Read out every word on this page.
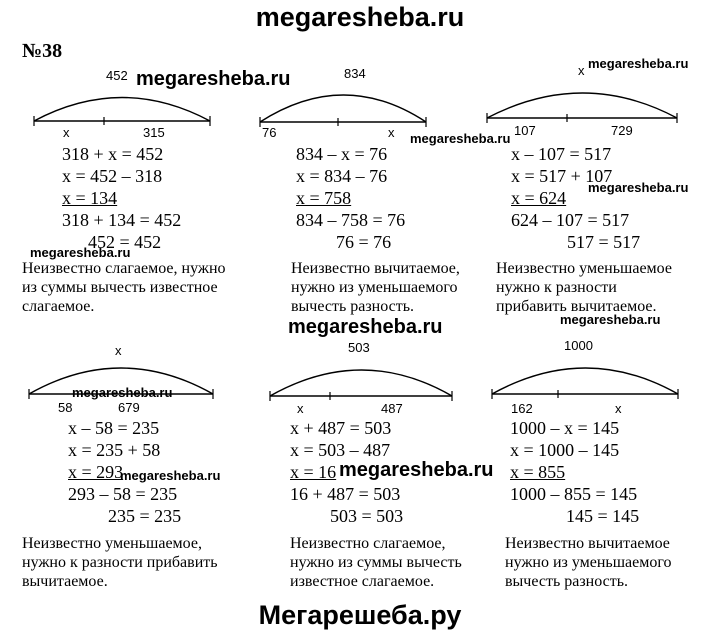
megaresheba.ru
№38
452
x	315
318 + x = 452
x = 452 – 318
x = 134
318 + 134 = 452
452 = 452
Неизвестно слагаемое, нужно
из суммы вычесть известное
слагаемое.
834
76	x
834 – x = 76
x = 834 – 76
x = 758
834 – 758 = 76
76 = 76
Неизвестно вычитаемое,
нужно из уменьшаемого
вычесть разность.
x
107	729
x – 107 = 517
x = 517 + 107
x = 624
624 – 107 = 517
517 = 517
Неизвестно уменьшаемое
нужно к разности
прибавить вычитаемое.
x
58	679
x – 58 = 235
x = 235 + 58
x = 293
293 – 58 = 235
235 = 235
Неизвестно уменьшаемое,
нужно к разности прибавить
вычитаемое.
503
x	487
x + 487 = 503
x = 503 – 487
x = 16
16 + 487 = 503
503 = 503
Неизвестно слагаемое,
нужно из суммы вычесть
известное слагаемое.
1000
162	x
1000 – x = 145
x = 1000 – 145
x = 855
1000 – 855 = 145
145 = 145
Неизвестно вычитаемое
нужно из уменьшаемого
вычесть разность.
megaresheba.ru
megaresheba.ru
megaresheba.ru
megaresheba.ru
megaresheba.ru
megaresheba.ru	megaresheba.ru
megaresheba.ru
megaresheba.ru	megaresheba.ru
Мегарешеба.ру
